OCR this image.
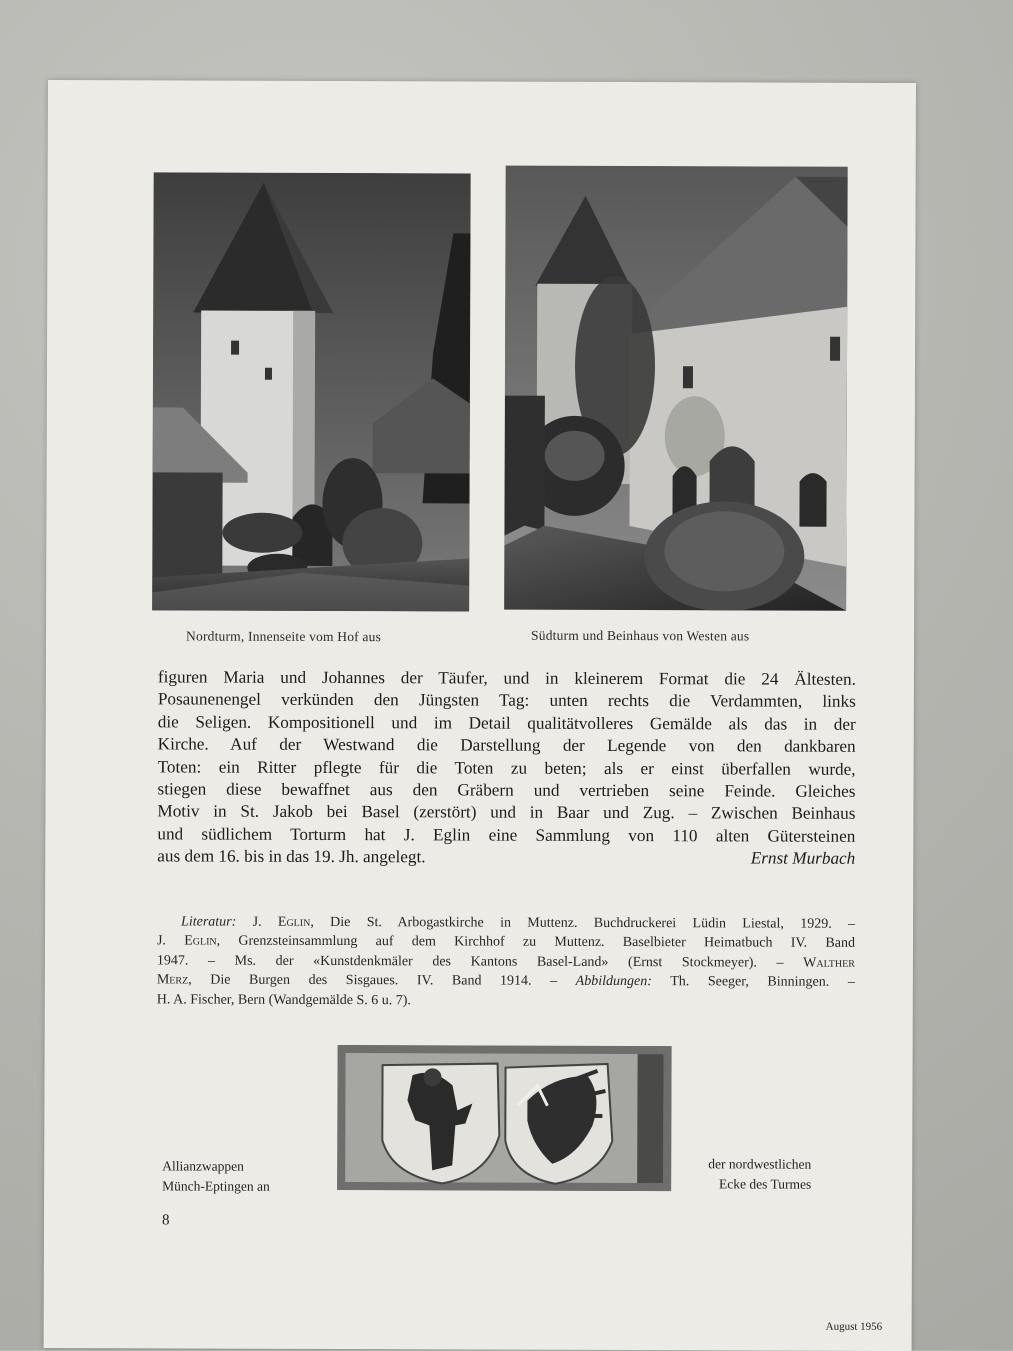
Nordturm, Innenseite vom Hof aus	Südturm und Beinhaus von Westen aus
figuren Maria und Johannes der Täufer, und in kleinerem Format die 24 Ältesten.
Posaunenengel verkünden den Jüngsten Tag: unten rechts die Verdammten, links
die Seligen. Kompositionell und im Detail qualitätvolleres Gemälde als das in der
Kirche. Auf der Westwand die Darstellung der Legende von den dankbaren
Toten: ein Ritter pflegte für die Toten zu beten; als er einst überfallen wurde,
stiegen diese bewaffnet aus den Gräbern und vertrieben seine Feinde. Gleiches
Motiv in St. Jakob bei Basel (zerstört) und in Baar und Zug. – Zwischen Beinhaus
und südlichem Torturm hat J. Eglin eine Sammlung von 110 alten Gütersteinen
aus dem 16. bis in das 19. Jh. angelegt.	Ernst Murbach
Literatur: J. Eglin, Die St. Arbogastkirche in Muttenz. Buchdruckerei Lüdin Liestal, 1929. –
J. Eglin, Grenzsteinsammlung auf dem Kirchhof zu Muttenz. Baselbieter Heimatbuch IV. Band
1947. – Ms. der «Kunstdenkmäler des Kantons Basel-Land» (Ernst Stockmeyer). – Walther
Merz, Die Burgen des Sisgaues. IV. Band 1914. – Abbildungen: Th. Seeger, Binningen. –
H. A. Fischer, Bern (Wandgemälde S. 6 u. 7).
Allianzwappen
Münch-Eptingen an
der nordwestlichen
Ecke des Turmes
8
August 1956
